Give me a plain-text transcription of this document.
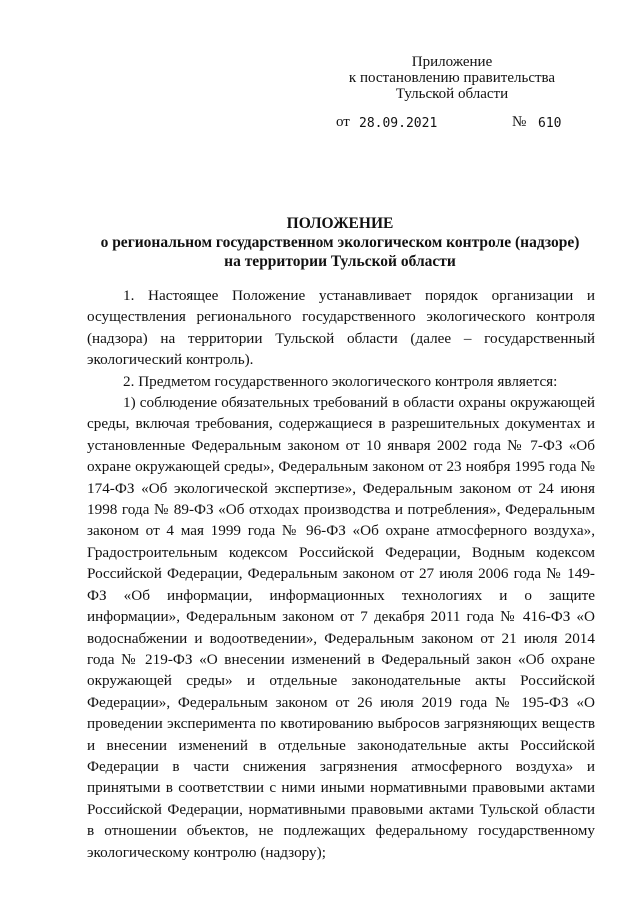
Приложение
к постановлению правительства
Тульской области
от 28.09.2021	№ 610
ПОЛОЖЕНИЕ
о региональном государственном экологическом контроле (надзоре)
на территории Тульской области

1. Настоящее Положение устанавливает порядок организации и осуществления регионального государственного экологического контроля (надзора) на территории Тульской области (далее – государственный экологический контроль).

2. Предметом государственного экологического контроля является:

1) соблюдение обязательных требований в области охраны окружающей среды, включая требования, содержащиеся в разрешительных документах и установленные Федеральным законом от 10 января 2002 года № 7-ФЗ «Об охране окружающей среды», Федеральным законом от 23 ноября 1995 года № 174-ФЗ «Об экологической экспертизе», Федеральным законом от 24 июня 1998 года № 89-ФЗ «Об отходах производства и потребления», Федеральным законом от 4 мая 1999 года № 96-ФЗ «Об охране атмосферного воздуха», Градостроительным кодексом Российской Федерации, Водным кодексом Российской Федерации, Федеральным законом от 27 июля 2006 года № 149-ФЗ «Об информации, информационных технологиях и о защите информации», Федеральным законом от 7 декабря 2011 года № 416-ФЗ «О водоснабжении и водоотведении», Федеральным законом от 21 июля 2014 года № 219-ФЗ «О внесении изменений в Федеральный закон «Об охране окружающей среды» и отдельные законодательные акты Российской Федерации», Федеральным законом от 26 июля 2019 года № 195-ФЗ «О проведении эксперимента по квотированию выбросов загрязняющих веществ и внесении изменений в отдельные законодательные акты Российской Федерации в части снижения загрязнения атмосферного воздуха» и принятыми в соответствии с ними иными нормативными правовыми актами Российской Федерации, нормативными правовыми актами Тульской области в отношении объектов, не подлежащих федеральному государственному экологическому контролю (надзору);
